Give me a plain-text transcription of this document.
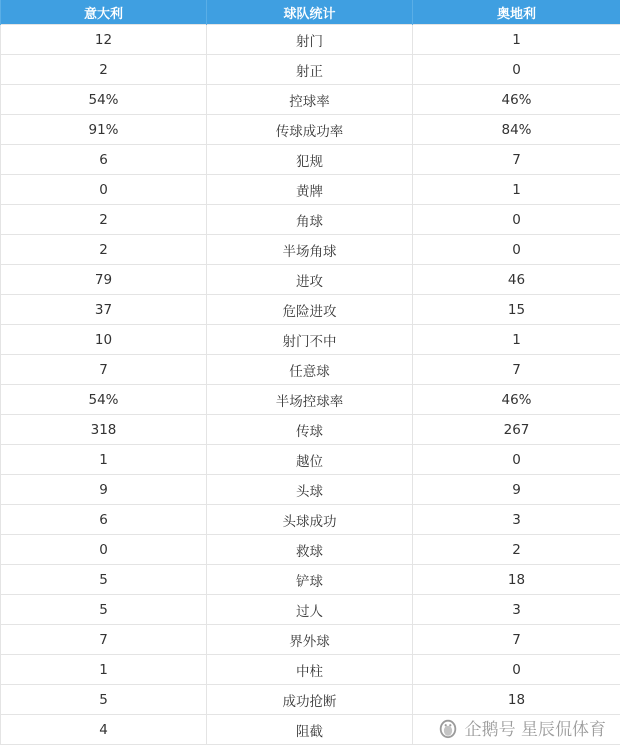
意大利	球队统计	奥地利
12	射门	1
2	射正	0
54%	控球率	46%
91%	传球成功率	84%
6	犯规	7
0	黄牌	1
2	角球	0
2	半场角球	0
79	进攻	46
37	危险进攻	15
10	射门不中	1
7	任意球	7
54%	半场控球率	46%
318	传球	267
1	越位	0
9	头球	9
6	头球成功	3
0	救球	2
5	铲球	18
5	过人	3
7	界外球	7
1	中柱	0
5	成功抢断	18
4	阻截		企鹅号 星辰侃体育
